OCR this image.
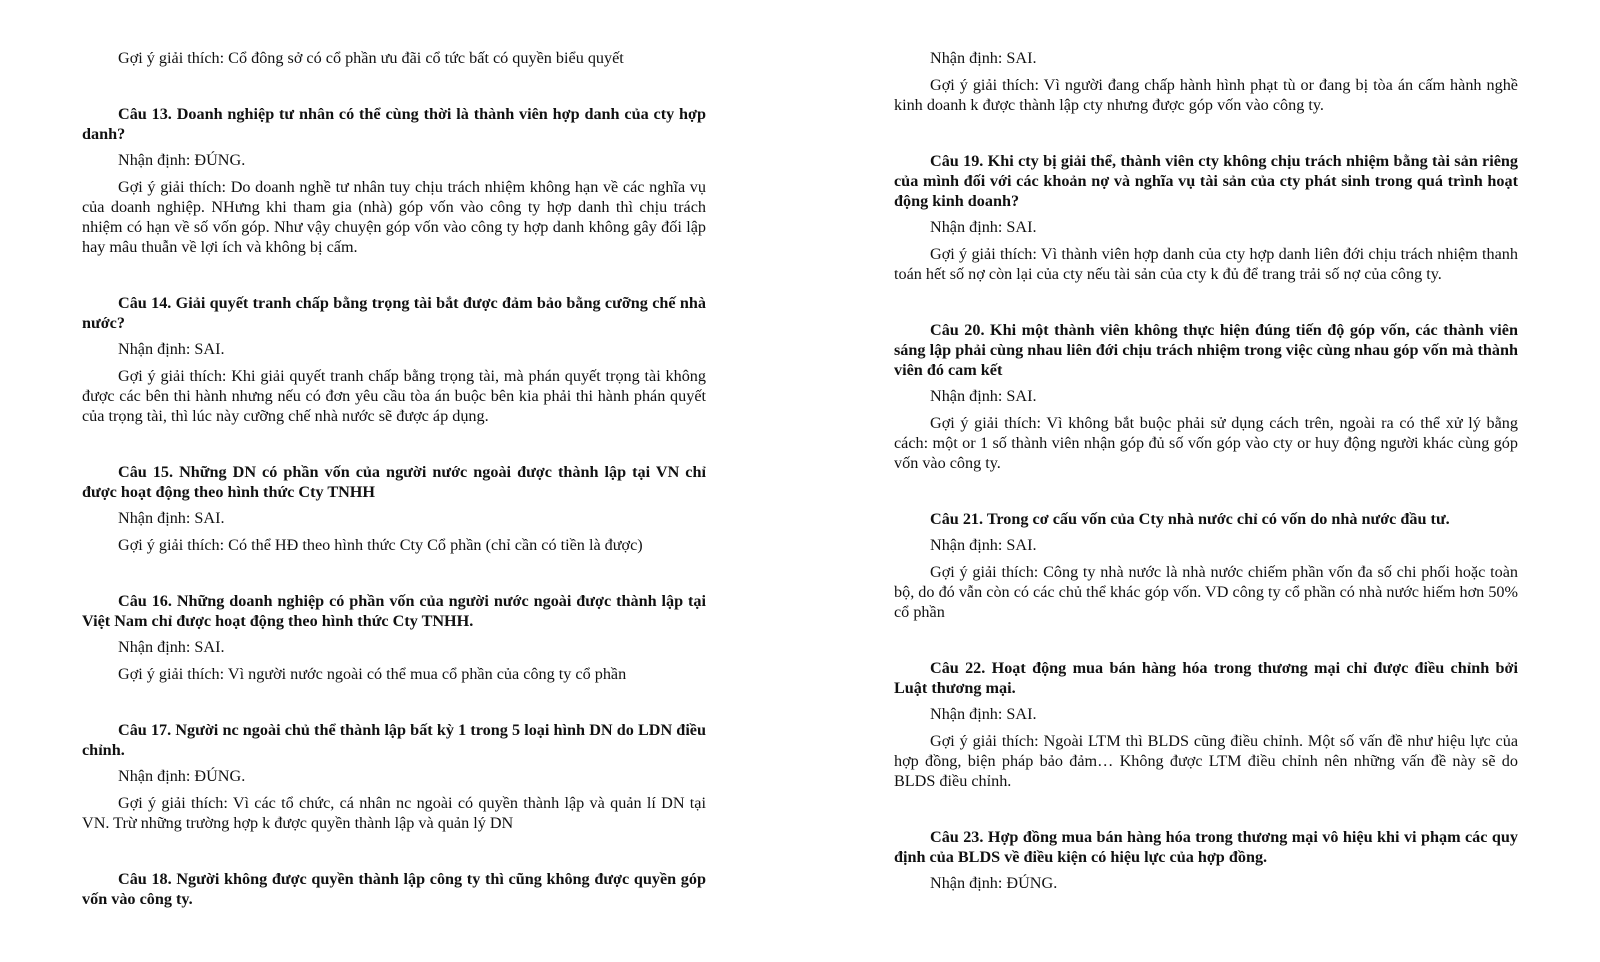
Gợi ý giải thích: Cổ đông sở có cổ phần ưu đãi cổ tức bất có quyền biểu quyết

Câu 13. Doanh nghiệp tư nhân có thể cùng thời là thành viên hợp danh của cty hợp danh?

Nhận định: ĐÚNG.

Gợi ý giải thích: Do doanh nghề tư nhân tuy chịu trách nhiệm không hạn về các nghĩa vụ của doanh nghiệp. NHưng khi tham gia (nhà) góp vốn vào công ty hợp danh thì chịu trách nhiệm có hạn về số vốn góp. Như vậy chuyện góp vốn vào công ty hợp danh không gây đối lập hay mâu thuẫn về lợi ích và không bị cấm.

Câu 14. Giải quyết tranh chấp bằng trọng tài bắt được đảm bảo bằng cưỡng chế nhà nước?

Nhận định: SAI.

Gợi ý giải thích: Khi giải quyết tranh chấp bằng trọng tài, mà phán quyết trọng tài không được các bên thi hành nhưng nếu có đơn yêu cầu tòa án buộc bên kia phải thi hành phán quyết của trọng tài, thì lúc này cưỡng chế nhà nước sẽ được áp dụng.

Câu 15. Những DN có phần vốn của người nước ngoài được thành lập tại VN chỉ được hoạt động theo hình thức Cty TNHH

Nhận định: SAI.

Gợi ý giải thích: Có thể HĐ theo hình thức Cty Cổ phần (chỉ cần có tiền là được)

Câu 16. Những doanh nghiệp có phần vốn của người nước ngoài được thành lập tại Việt Nam chỉ được hoạt động theo hình thức Cty TNHH.

Nhận định: SAI.

Gợi ý giải thích: Vì người nước ngoài có thể mua cổ phần của công ty cổ phần

Câu 17. Người nc ngoài chủ thể thành lập bất kỳ 1 trong 5 loại hình DN do LDN điều chỉnh.

Nhận định: ĐÚNG.

Gợi ý giải thích: Vì các tổ chức, cá nhân nc ngoài có quyền thành lập và quản lí DN tại VN. Trừ những trường hợp k được quyền thành lập và quản lý DN

Câu 18. Người không được quyền thành lập công ty thì cũng không được quyền góp vốn vào công ty.

Nhận định: SAI.

Gợi ý giải thích: Vì người đang chấp hành hình phạt tù or đang bị tòa án cấm hành nghề kinh doanh k được thành lập cty nhưng được góp vốn vào công ty.

Câu 19. Khi cty bị giải thể, thành viên cty không chịu trách nhiệm bằng tài sản riêng của mình đối với các khoản nợ và nghĩa vụ tài sản của cty phát sinh trong quá trình hoạt động kinh doanh?

Nhận định: SAI.

Gợi ý giải thích: Vì thành viên hợp danh của cty hợp danh liên đới chịu trách nhiệm thanh toán hết số nợ còn lại của cty nếu tài sản của cty k đủ để trang trải số nợ của công ty.

Câu 20. Khi một thành viên không thực hiện đúng tiến độ góp vốn, các thành viên sáng lập phải cùng nhau liên đới chịu trách nhiệm trong việc cùng nhau góp vốn mà thành viên đó cam kết

Nhận định: SAI.

Gợi ý giải thích: Vì không bắt buộc phải sử dụng cách trên, ngoài ra có thể xử lý bằng cách: một or 1 số thành viên nhận góp đủ số vốn góp vào cty or huy động người khác cùng góp vốn vào công ty.

Câu 21. Trong cơ cấu vốn của Cty nhà nước chỉ có vốn do nhà nước đầu tư.

Nhận định: SAI.

Gợi ý giải thích: Công ty nhà nước là nhà nước chiếm phần vốn đa số chi phối hoặc toàn bộ, do đó vẫn còn có các chủ thể khác góp vốn. VD công ty cổ phần có nhà nước hiếm hơn 50% cổ phần

Câu 22. Hoạt động mua bán hàng hóa trong thương mại chỉ được điều chỉnh bởi Luật thương mại.

Nhận định: SAI.

Gợi ý giải thích: Ngoài LTM thì BLDS cũng điều chỉnh. Một số vấn đề như hiệu lực của hợp đồng, biện pháp bảo đảm… Không được LTM điều chỉnh nên những vấn đề này sẽ do BLDS điều chỉnh.

Câu 23. Hợp đồng mua bán hàng hóa trong thương mại vô hiệu khi vi phạm các quy định của BLDS về điều kiện có hiệu lực của hợp đồng.

Nhận định: ĐÚNG.
